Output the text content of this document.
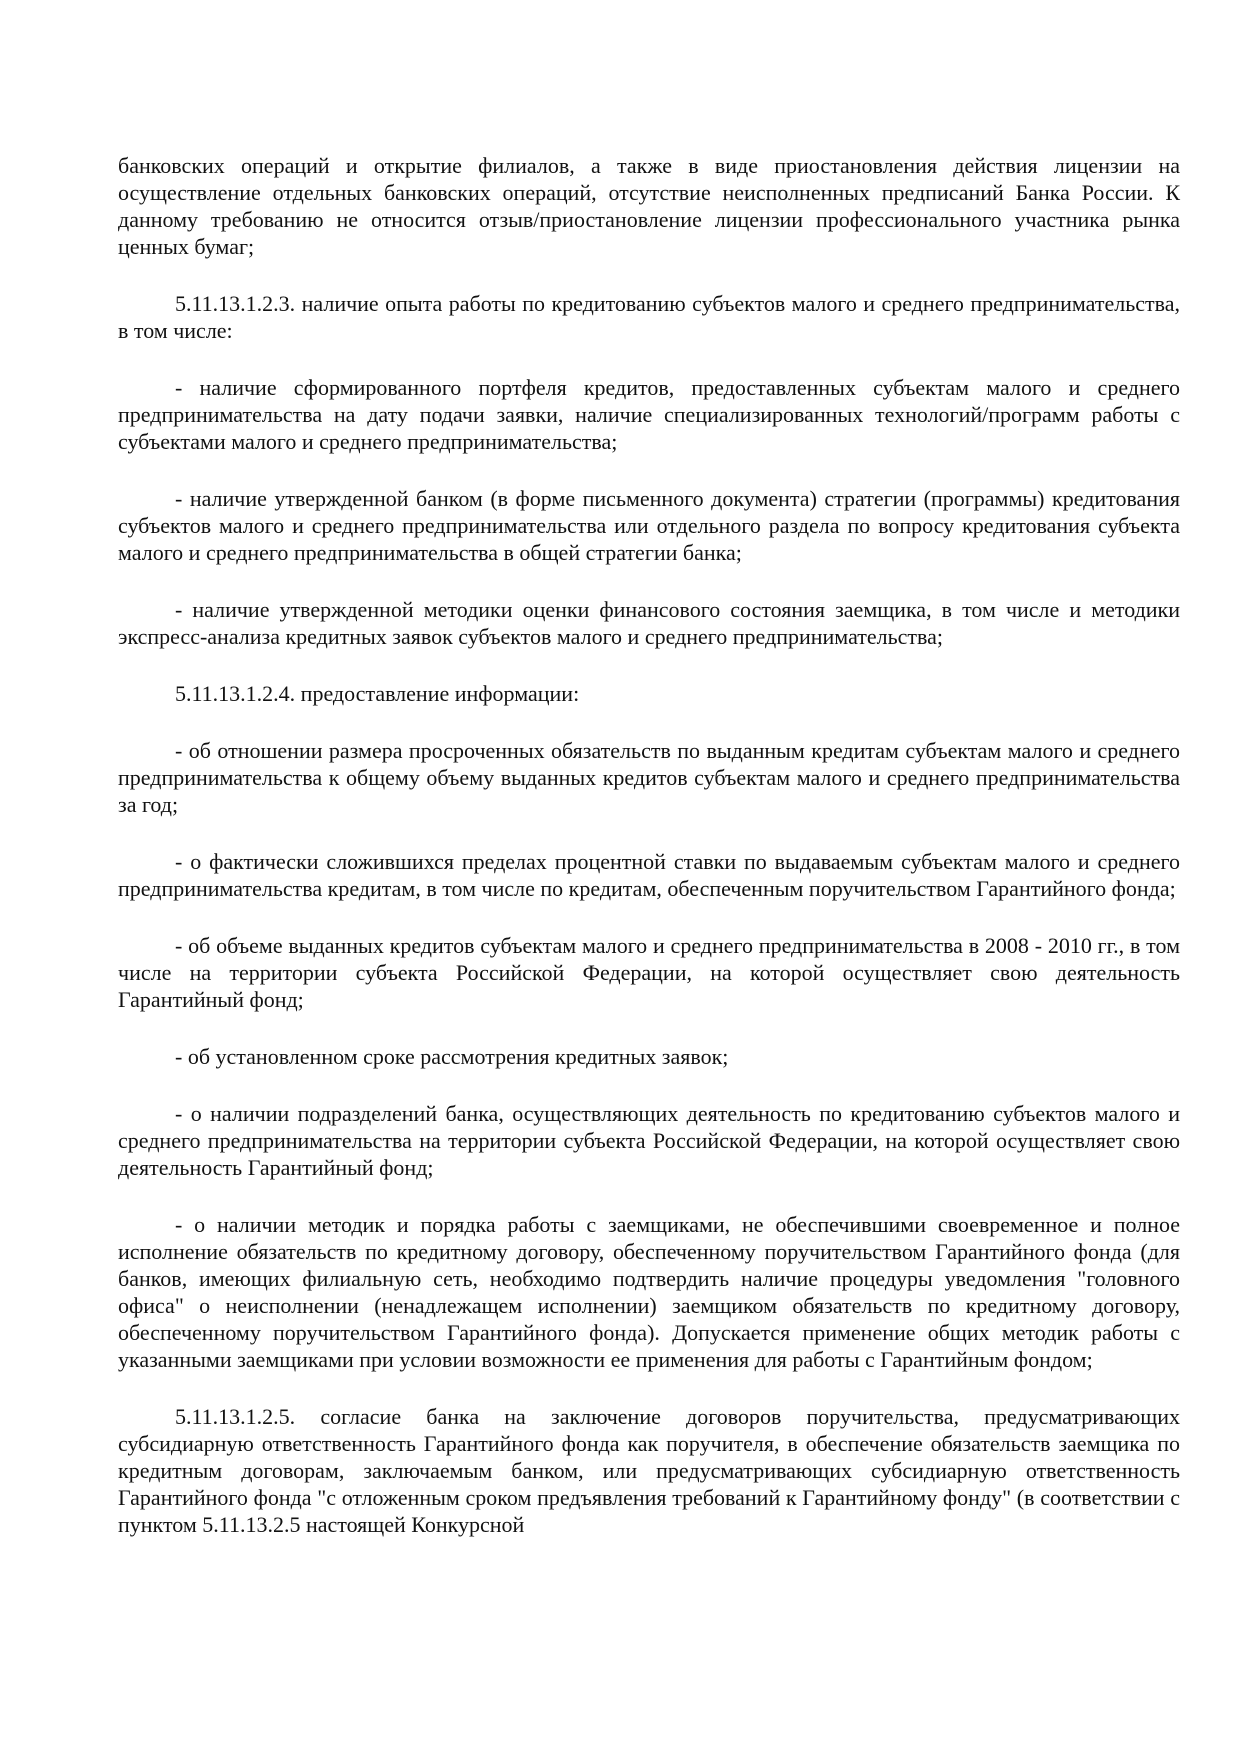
банковских операций и открытие филиалов, а также в виде приостановления действия лицензии на осуществление отдельных банковских операций, отсутствие неисполненных предписаний Банка России. К данному требованию не относится отзыв/приостановление лицензии профессионального участника рынка ценных бумаг;

5.11.13.1.2.3. наличие опыта работы по кредитованию субъектов малого и среднего предпринимательства, в том числе:

- наличие сформированного портфеля кредитов, предоставленных субъектам малого и среднего предпринимательства на дату подачи заявки, наличие специализированных технологий/программ работы с субъектами малого и среднего предпринимательства;

- наличие утвержденной банком (в форме письменного документа) стратегии (программы) кредитования субъектов малого и среднего предпринимательства или отдельного раздела по вопросу кредитования субъекта малого и среднего предпринимательства в общей стратегии банка;

- наличие утвержденной методики оценки финансового состояния заемщика, в том числе и методики экспресс-анализа кредитных заявок субъектов малого и среднего предпринимательства;

5.11.13.1.2.4. предоставление информации:

- об отношении размера просроченных обязательств по выданным кредитам субъектам малого и среднего предпринимательства к общему объему выданных кредитов субъектам малого и среднего предпринимательства за год;

- о фактически сложившихся пределах процентной ставки по выдаваемым субъектам малого и среднего предпринимательства кредитам, в том числе по кредитам, обеспеченным поручительством Гарантийного фонда;

- об объеме выданных кредитов субъектам малого и среднего предпринимательства в 2008 - 2010 гг., в том числе на территории субъекта Российской Федерации, на которой осуществляет свою деятельность Гарантийный фонд;

- об установленном сроке рассмотрения кредитных заявок;

- о наличии подразделений банка, осуществляющих деятельность по кредитованию субъектов малого и среднего предпринимательства на территории субъекта Российской Федерации, на которой осуществляет свою деятельность Гарантийный фонд;

- о наличии методик и порядка работы с заемщиками, не обеспечившими своевременное и полное исполнение обязательств по кредитному договору, обеспеченному поручительством Гарантийного фонда (для банков, имеющих филиальную сеть, необходимо подтвердить наличие процедуры уведомления "головного офиса" о неисполнении (ненадлежащем исполнении) заемщиком обязательств по кредитному договору, обеспеченному поручительством Гарантийного фонда). Допускается применение общих методик работы с указанными заемщиками при условии возможности ее применения для работы с Гарантийным фондом;

5.11.13.1.2.5. согласие банка на заключение договоров поручительства, предусматривающих субсидиарную ответственность Гарантийного фонда как поручителя, в обеспечение обязательств заемщика по кредитным договорам, заключаемым банком, или предусматривающих субсидиарную ответственность Гарантийного фонда "с отложенным сроком предъявления требований к Гарантийному фонду" (в соответствии с пунктом 5.11.13.2.5 настоящей Конкурсной
